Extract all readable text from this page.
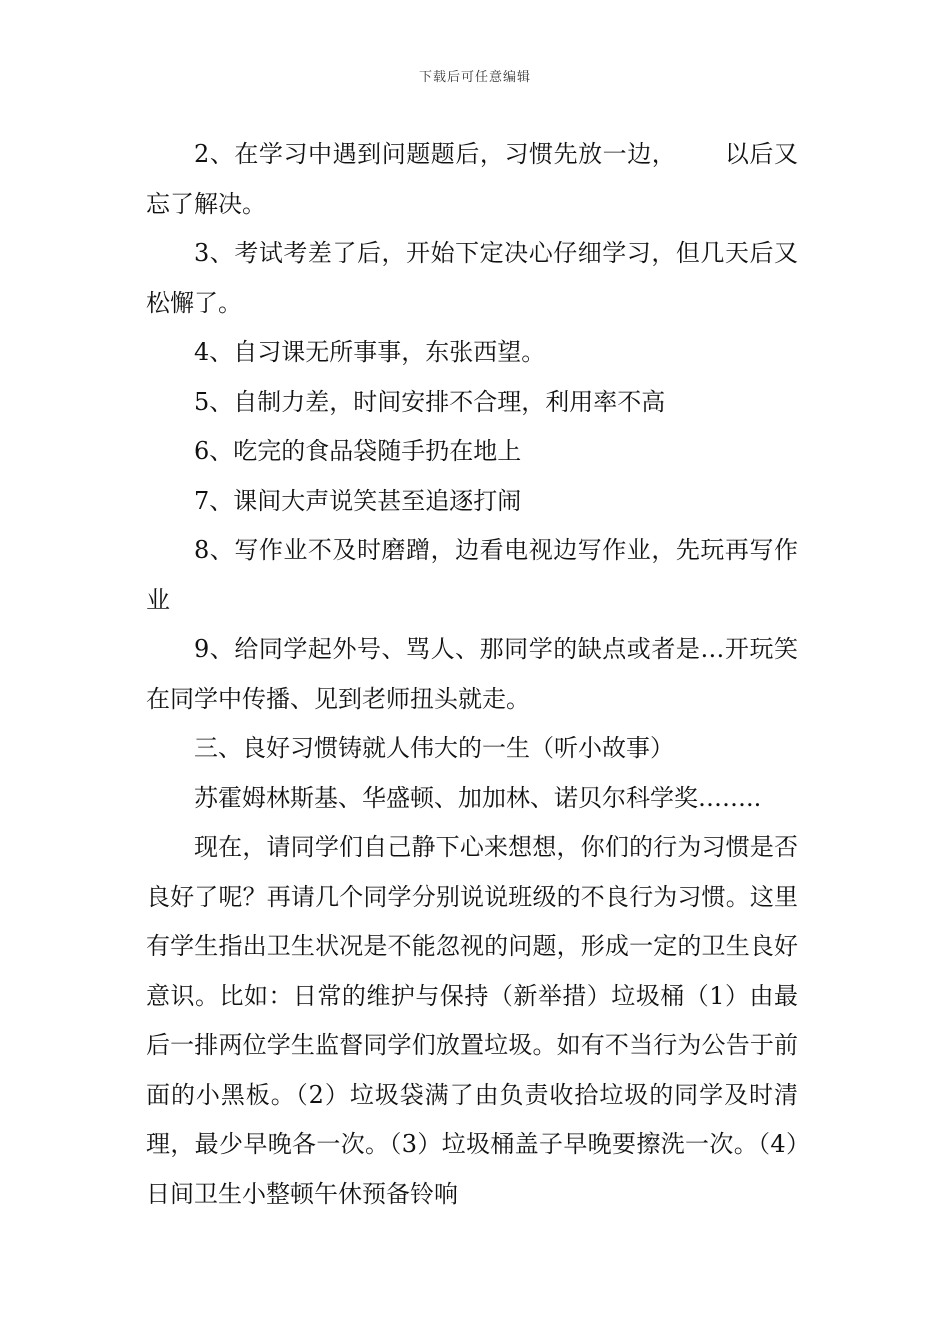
下载后可任意编辑

2、在学习中遇到问题题后，习惯先放一边， 以后又忘了解决。

3、考试考差了后，开始下定决心仔细学习，但几天后又松懈了。

4、自习课无所事事，东张西望。

5、自制力差，时间安排不合理，利用率不高

6、吃完的食品袋随手扔在地上

7、课间大声说笑甚至追逐打闹

8、写作业不及时磨蹭，边看电视边写作业，先玩再写作业

9、给同学起外号、骂人、那同学的缺点或者是…开玩笑在同学中传播、见到老师扭头就走。

三、良好习惯铸就人伟大的一生（听小故事）

苏霍姆林斯基、华盛顿、加加林、诺贝尔科学奖……..

现在，请同学们自己静下心来想想，你们的行为习惯是否良好了呢？再请几个同学分别说说班级的不良行为习惯。这里有学生指出卫生状况是不能忽视的问题，形成一定的卫生良好意识。比如：日常的维护与保持（新举措）垃圾桶（1）由最后一排两位学生监督同学们放置垃圾。如有不当行为公告于前面的小黑板。（2）垃圾袋满了由负责收拾垃圾的同学及时清理，最少早晚各一次。（3）垃圾桶盖子早晚要擦洗一次。（4）日间卫生小整顿午休预备铃响
